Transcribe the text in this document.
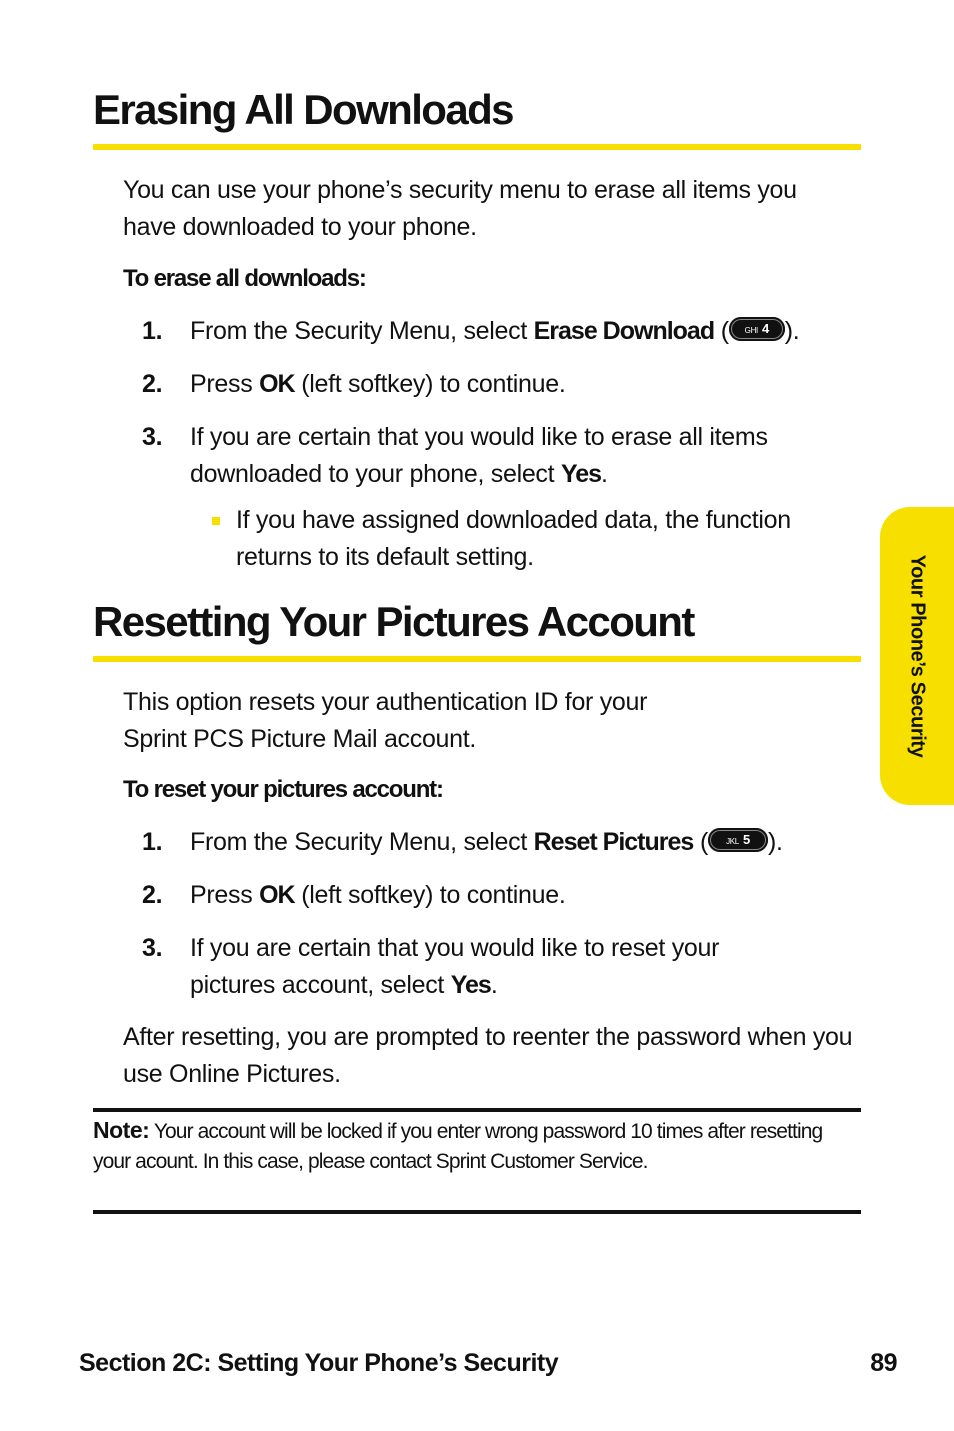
Erasing All Downloads

You can use your phone’s security menu to erase all items you have downloaded to your phone.

To erase all downloads:

1. From the Security Menu, select Erase Download ( GHI 4 ).
2. Press OK (left softkey) to continue.
3. If you are certain that you would like to erase all items downloaded to your phone, select Yes.
If you have assigned downloaded data, the function returns to its default setting.
Resetting Your Pictures Account

This option resets your authentication ID for your
Sprint PCS Picture Mail account.

To reset your pictures account:

1. From the Security Menu, select Reset Pictures ( JKL 5 ).
2. Press OK (left softkey) to continue.
3. If you are certain that you would like to reset your pictures account, select Yes.

After resetting, you are prompted to reenter the password when you use Online Pictures.

Note: Your account will be locked if you enter wrong password 10 times after resetting your acount. In this case, please contact Sprint Customer Service.
Your Phone’s Security
Section 2C: Setting Your Phone’s Security	89
